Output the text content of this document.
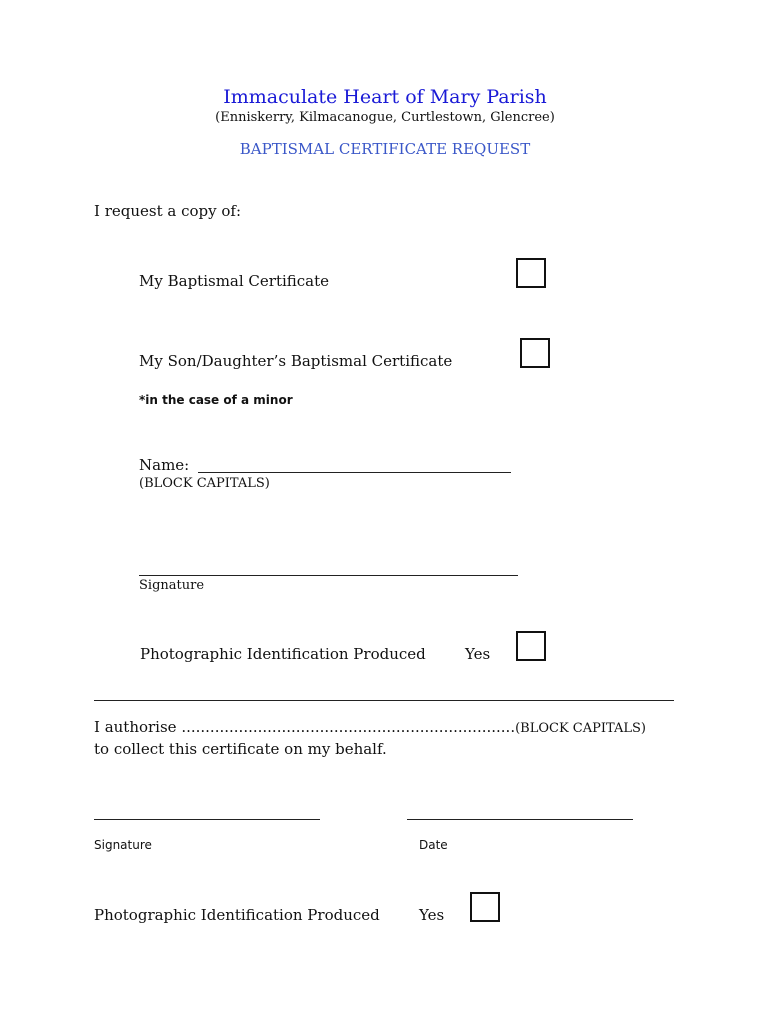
Immaculate Heart of Mary Parish
(Enniskerry, Kilmacanogue, Curtlestown, Glencree)
BAPTISMAL CERTIFICATE REQUEST
I request a copy of:
My Baptismal Certificate
My Son/Daughter’s Baptismal Certificate
*in the case of a minor
Name:
(BLOCK CAPITALS)
Signature
Photographic Identification Produced	Yes
I authorise ......................................................................(BLOCK CAPITALS)
to collect this certificate on my behalf.
Signature	Date
Photographic Identification Produced	Yes
